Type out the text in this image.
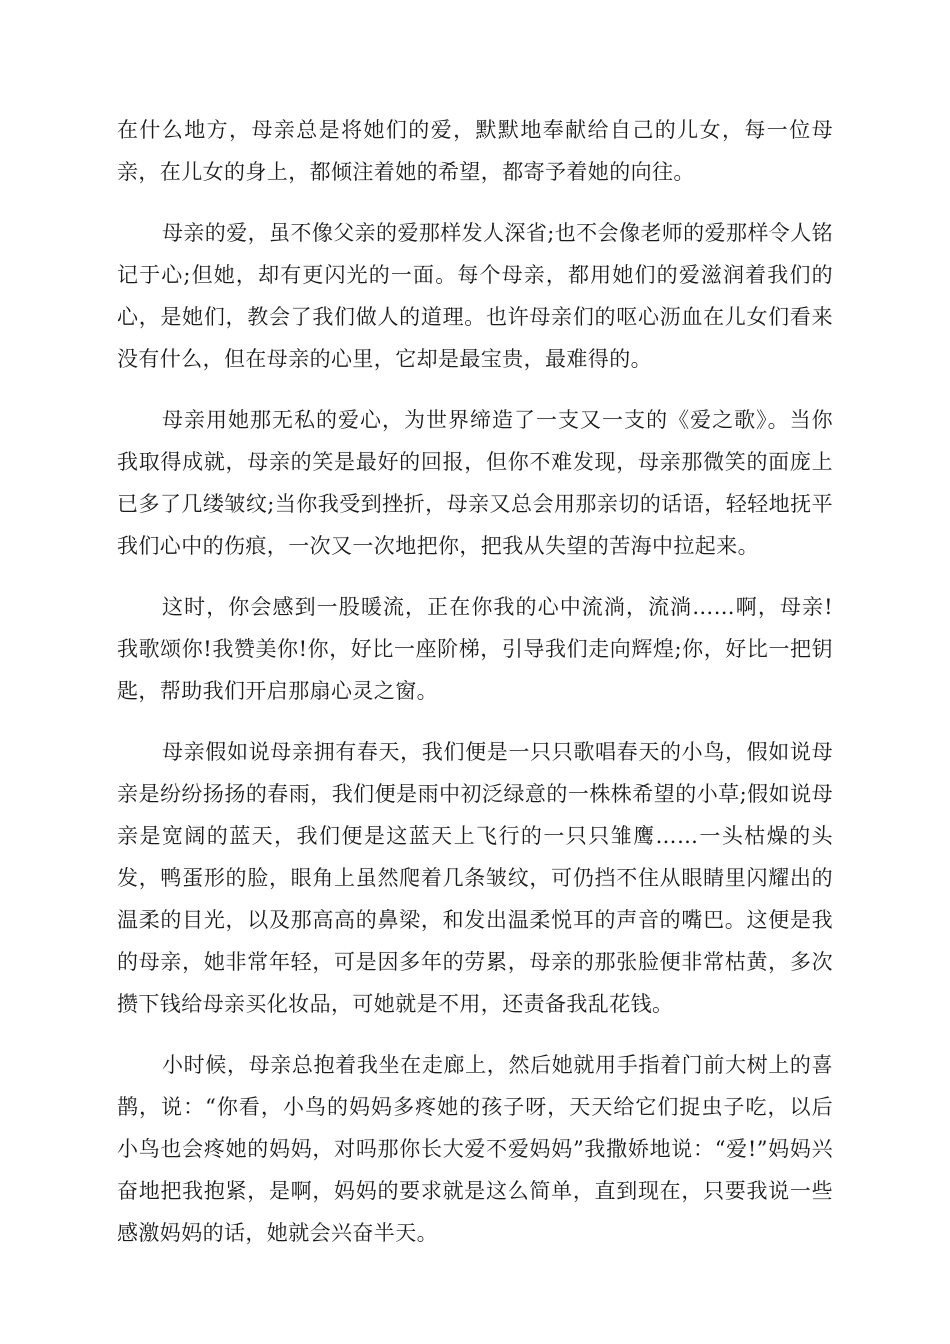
在什么地方，母亲总是将她们的爱，默默地奉献给自己的儿女，每一位母亲，在儿女的身上，都倾注着她的希望，都寄予着她的向往。

母亲的爱，虽不像父亲的爱那样发人深省;也不会像老师的爱那样令人铭记于心;但她，却有更闪光的一面。每个母亲，都用她们的爱滋润着我们的心，是她们，教会了我们做人的道理。也许母亲们的呕心沥血在儿女们看来没有什么，但在母亲的心里，它却是最宝贵，最难得的。

母亲用她那无私的爱心，为世界缔造了一支又一支的《爱之歌》。当你我取得成就，母亲的笑是最好的回报，但你不难发现，母亲那微笑的面庞上已多了几缕皱纹;当你我受到挫折，母亲又总会用那亲切的话语，轻轻地抚平我们心中的伤痕，一次又一次地把你，把我从失望的苦海中拉起来。

这时，你会感到一股暖流，正在你我的心中流淌，流淌……啊，母亲!我歌颂你!我赞美你!你，好比一座阶梯，引导我们走向辉煌;你，好比一把钥匙，帮助我们开启那扇心灵之窗。

母亲假如说母亲拥有春天，我们便是一只只歌唱春天的小鸟，假如说母亲是纷纷扬扬的春雨，我们便是雨中初泛绿意的一株株希望的小草;假如说母亲是宽阔的蓝天，我们便是这蓝天上飞行的一只只雏鹰……一头枯燥的头发，鸭蛋形的脸，眼角上虽然爬着几条皱纹，可仍挡不住从眼睛里闪耀出的温柔的目光，以及那高高的鼻梁，和发出温柔悦耳的声音的嘴巴。这便是我的母亲，她非常年轻，可是因多年的劳累，母亲的那张脸便非常枯黄，多次攒下钱给母亲买化妆品，可她就是不用，还责备我乱花钱。

小时候，母亲总抱着我坐在走廊上，然后她就用手指着门前大树上的喜鹊，说：“你看，小鸟的妈妈多疼她的孩子呀，天天给它们捉虫子吃，以后小鸟也会疼她的妈妈，对吗那你长大爱不爱妈妈”我撒娇地说：“爱!”妈妈兴奋地把我抱紧，是啊，妈妈的要求就是这么简单，直到现在，只要我说一些感激妈妈的话，她就会兴奋半天。
